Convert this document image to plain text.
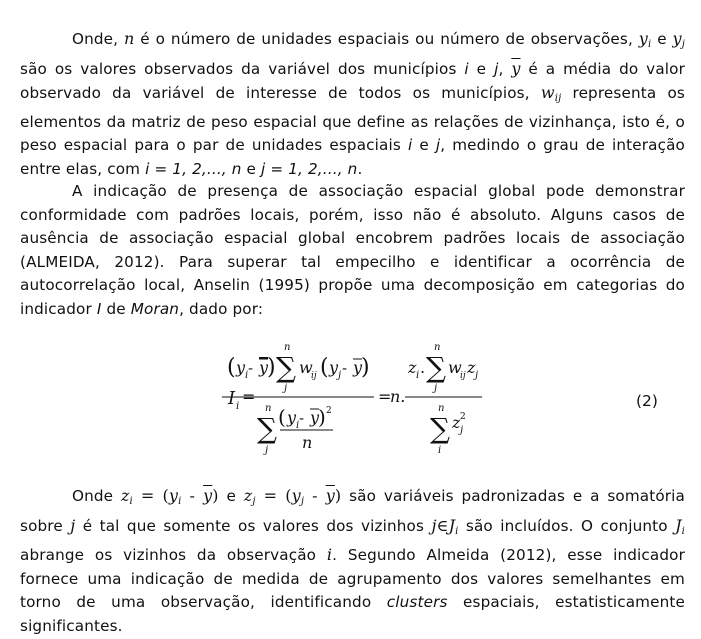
Onde, n é o número de unidades espaciais ou número de observações, $y_i$ e $y_j$ são os valores observados da variável dos municípios i e j, $\overline{y}$ é a média do valor observado da variável de interesse de todos os municípios, $w_{ij}$ representa os elementos da matriz de peso espacial que define as relações de vizinhança, isto é, o peso espacial para o par de unidades espaciais i e j, medindo o grau de interação entre elas, com i = 1, 2,..., n e j = 1, 2,..., n.
A indicação de presença de associação espacial global pode demonstrar conformidade com padrões locais, porém, isso não é absoluto. Alguns casos de ausência de associação espacial global encobrem padrões locais de associação (ALMEIDA, 2012). Para superar tal empecilho e identificar a ocorrência de autocorrelação local, Anselin (1995) propõe uma decomposição em categorias do indicador I de Moran, dado por:
I i
=
( y i - y
) ∑
n
j
w
ij ( y j - y
)
∑
n
j
( y i - y
) 2
n
=
n.
z i . ∑
n
j
w
ij z j
∑
n
i
z j
2
(2)
Onde $z_i = (y_i - \overline{y})$ e $z_j = (y_j - \overline{y})$ são variáveis padronizadas e a somatória sobre j é tal que somente os valores dos vizinhos $j\in J_i$ são incluídos. O conjunto $J_i$ abrange os vizinhos da observação i. Segundo Almeida (2012), esse indicador fornece uma indicação de medida de agrupamento dos valores semelhantes em torno de uma observação, identificando clusters espaciais, estatisticamente significantes.
